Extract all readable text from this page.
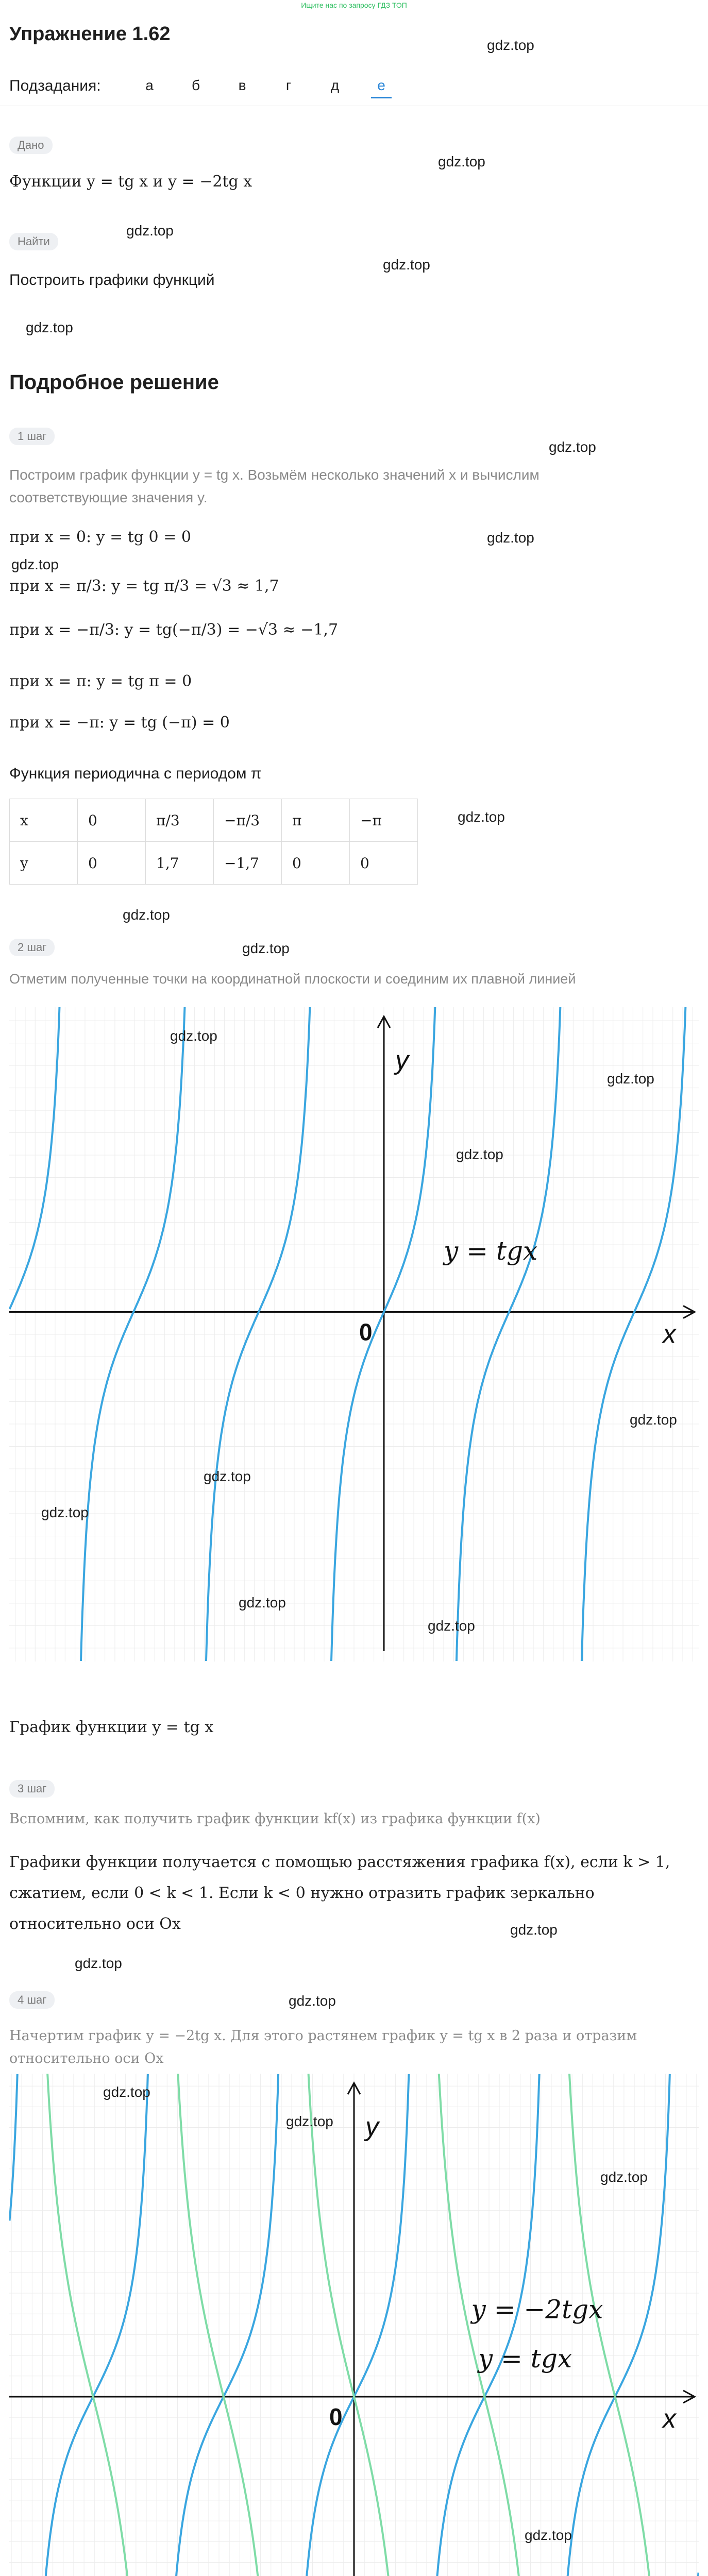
Ищите нас по запросу ГДЗ ТОП
Упражнение 1.62
gdz.top
Подзадания:	а	б	в	г	д	е
Дано
gdz.top
Функции y = tg x и y = −2tg x
gdz.top
Найти
gdz.top
Построить графики функций
gdz.top
Подробное решение
1 шаг
gdz.top
Построим график функции y = tg x. Возьмём несколько значений x и вычислим соответствующие значения y.
gdz.top
при x = 0: y = tg 0 = 0
gdz.top
при x = π/3: y = tg π/3 = √3 ≈ 1,7
при x = −π/3: y = tg(−π/3) = −√3 ≈ −1,7
при x = π: y = tg π = 0
при x = −π: y = tg (−π) = 0
Функция периодична с периодом π
gdz.top
x	0	π/3	−π/3	π	−π
y	0	1,7	−1,7	0	0
gdz.top
2 шаг	gdz.top
Отметим полученные точки на координатной плоскости и соединим их плавной линией
y
x
0
y = tgx
gdz.top
gdz.top
gdz.top
gdz.top
gdz.top
gdz.top
gdz.top
gdz.top
График функции y = tg x
3 шаг
Вспомним, как получить график функции kf(x) из графика функции f(x)
Графики функции получается с помощью расстяжения графика f(x), если k > 1, сжатием, если 0 < k < 1. Если k < 0 нужно отразить график зеркально относительно оси Ox	gdz.top
gdz.top
4 шаг	gdz.top
Начертим график y = −2tg x. Для этого растянем график y = tg x в 2 раза и отразим относительно оси Ox
y
x
0
y = tgx
y = −2tgx
gdz.top
gdz.top
gdz.top
gdz.top
